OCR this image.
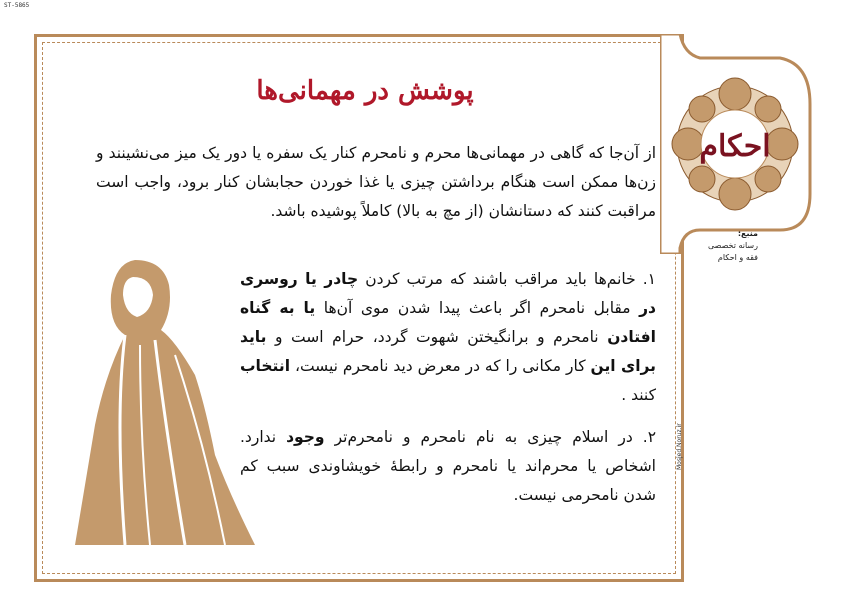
ST-5865
احکام
پوشش در مهمانی‌ها
از آن‌جا که گاهی در مهمانی‌ها محرم و نامحرم کنار یک سفره یا دور یک میز می‌نشینند و زن‌ها ممکن است هنگام برداشتن چیزی یا غذا خوردن حجابشان کنار برود، واجب است مراقبت کنند که دستانشان (از مچ به بالا) کاملاً پوشیده باشد.
۱. خانم‌ها باید مراقب باشند که مرتب کردن چادر یا روسری در مقابل نامحرم اگر باعث پیدا شدن موی آن‌ها یا به گناه افتادن نامحرم و برانگیختن شهوت گردد، حرام است و باید برای این کار مکانی را که در معرض دید نامحرم نیست، انتخاب کنند .
۲. در اسلام چیزی به نام نامحرم و نامحرم‌تر وجود ندارد. اشخاص یا محرم‌اند یا نامحرم و رابطهٔ خویشاوندی سبب کم شدن نامحرمی نیست.
منبع:
رسانه تخصصی
فقه و احکام
Mosjed.Noruz.ir
